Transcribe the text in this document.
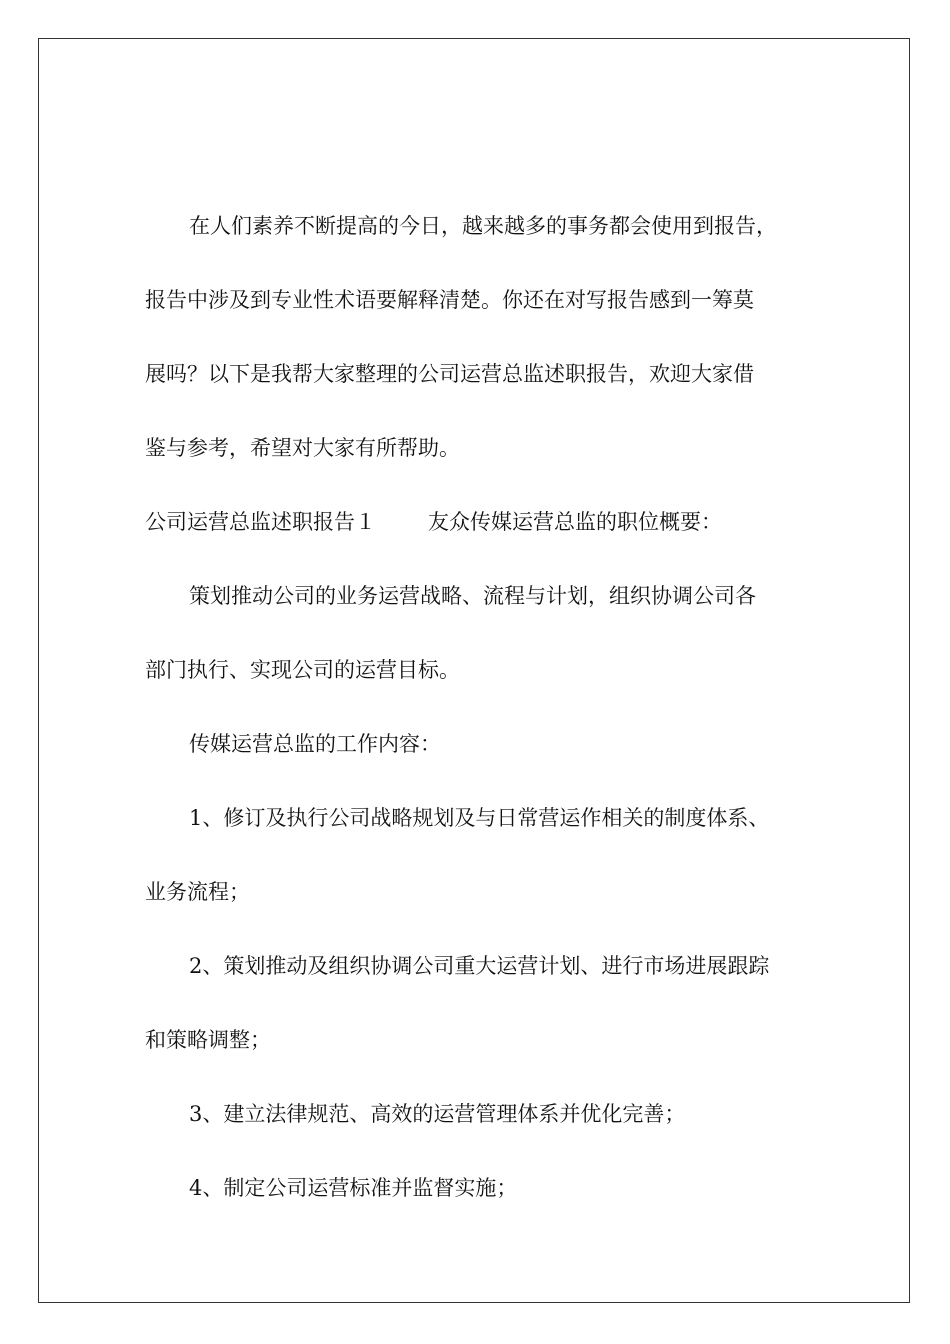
在人们素养不断提高的今日，越来越多的事务都会使用到报告，
报告中涉及到专业性术语要解释清楚。你还在对写报告感到一筹莫
展吗？以下是我帮大家整理的公司运营总监述职报告，欢迎大家借
鉴与参考，希望对大家有所帮助。
公司运营总监述职报告１ 友众传媒运营总监的职位概要：
策划推动公司的业务运营战略、流程与计划，组织协调公司各
部门执行、实现公司的运营目标。
传媒运营总监的工作内容：
1、修订及执行公司战略规划及与日常营运作相关的制度体系、
业务流程；
2、策划推动及组织协调公司重大运营计划、进行市场进展跟踪
和策略调整；
3、建立法律规范、高效的运营管理体系并优化完善；
4、制定公司运营标准并监督实施；
